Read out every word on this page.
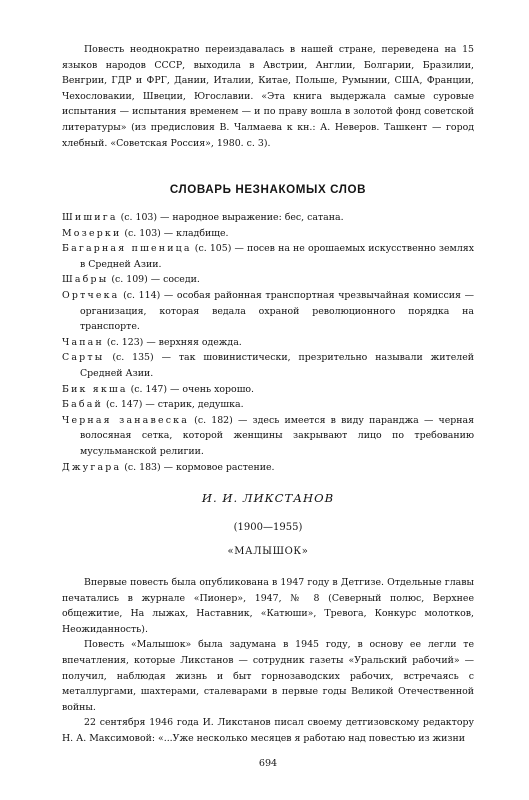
Повесть неоднократно переиздавалась в нашей стране, переведена на 15 языков народов СССР, выходила в Австрии, Англии, Болгарии, Бразилии, Венгрии, ГДР и ФРГ, Дании, Италии, Китае, Польше, Румынии, США, Франции, Чехословакии, Швеции, Югославии. «Эта книга выдержала самые суровые испытания — испытания временем — и по праву вошла в золотой фонд советской литературы» (из предисловия В. Чалмаева к кн.: А. Неверов. Ташкент — город хлебный. «Советская Россия», 1980. с. 3).

СЛОВАРЬ НЕЗНАКОМЫХ СЛОВ
Шишига (с. 103) — народное выражение: бес, сатана.
Мозерки (с. 103) — кладбище.
Багарная пшеница (с. 105) — посев на не орошаемых искусственно землях в Средней Азии.
Шабры (с. 109) — соседи.
Ортчека (с. 114) — особая районная транспортная чрезвычайная комиссия — организация, которая ведала охраной революционного порядка на транспорте.
Чапан (с. 123) — верхняя одежда.
Сарты (с. 135) — так шовинистически, презрительно называли жителей Средней Азии.
Бик якша (с. 147) — очень хорошо.
Бабай (с. 147) — старик, дедушка.
Черная занавеска (с. 182) — здесь имеется в виду паранджа — черная волосяная сетка, которой женщины закрывают лицо по требованию мусульманской религии.
Джугара (с. 183) — кормовое растение.
И. И. ЛИКСТАНОВ
(1900—1955)
«МАЛЫШОК»

Впервые повесть была опубликована в 1947 году в Детгизе. Отдельные главы печатались в журнале «Пионер», 1947, № 8 (Северный полюс, Верхнее общежитие, На лыжах, Наставник, «Катюши», Тревога, Конкурс молотков, Неожиданность).

Повесть «Малышок» была задумана в 1945 году, в основу ее легли те впечатления, которые Ликстанов — сотрудник газеты «Уральский рабочий» — получил, наблюдая жизнь и быт горнозаводских рабочих, встречаясь с металлургами, шахтерами, сталеварами в первые годы Великой Отечественной войны.

22 сентября 1946 года И. Ликстанов писал своему детгизовскому редактору Н. А. Максимовой: «...Уже несколько месяцев я работаю над повестью из жизни

694
